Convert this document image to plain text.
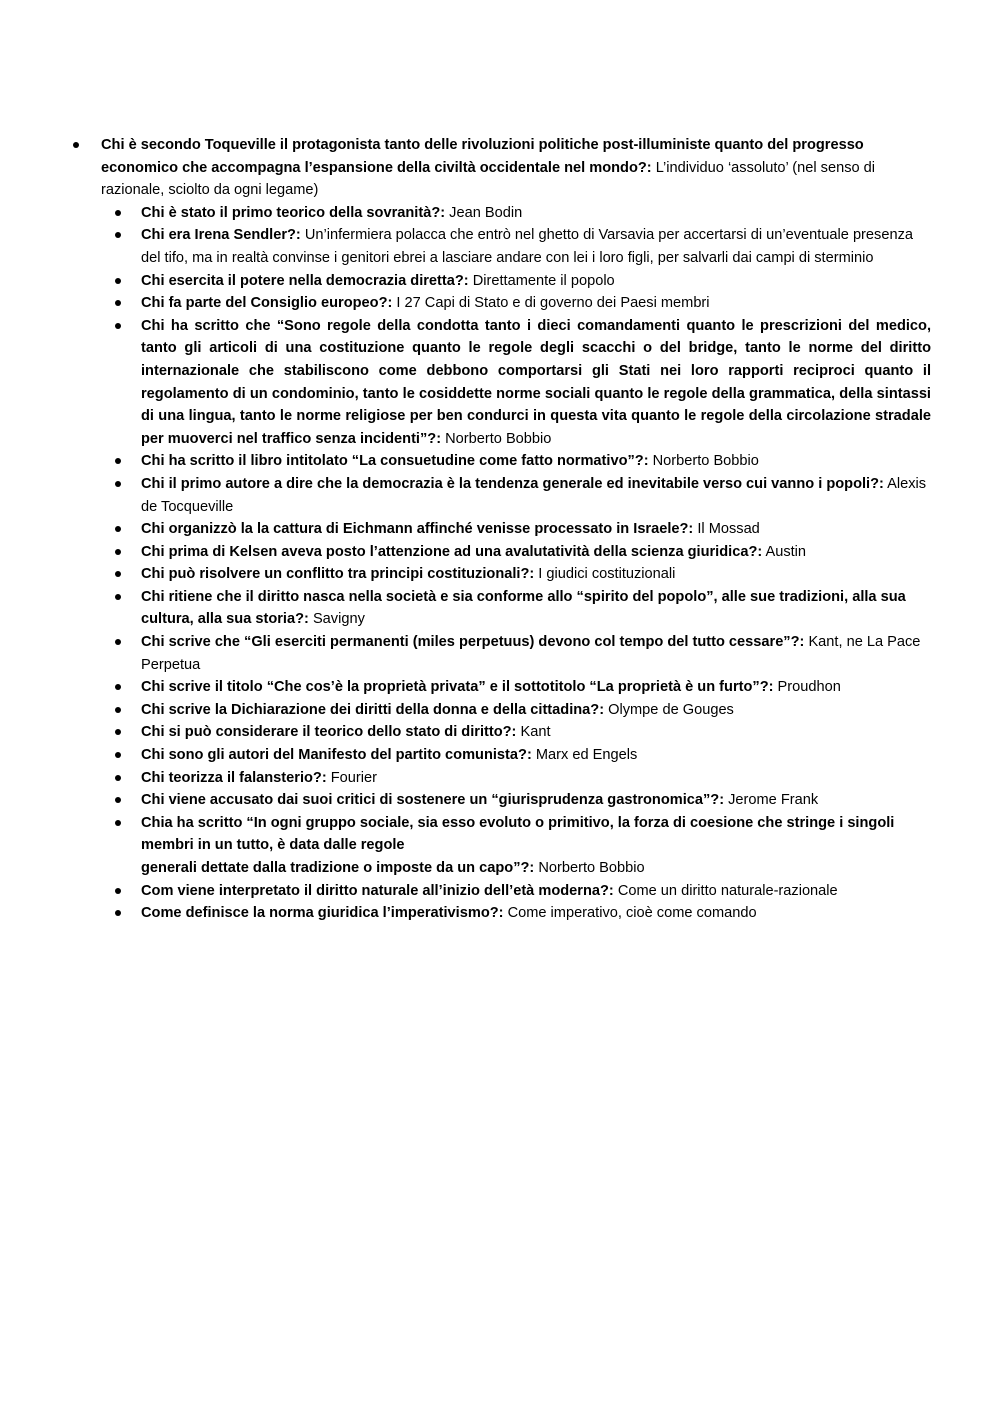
Chi è secondo Toqueville il protagonista tanto delle rivoluzioni politiche post-illuministe quanto del progresso economico che accompagna l’espansione della civiltà occidentale nel mondo?: L’individuo ‘assoluto’ (nel senso di razionale, sciolto da ogni legame)
Chi è stato il primo teorico della sovranità?: Jean Bodin
Chi era Irena Sendler?: Un’infermiera polacca che entrò nel ghetto di Varsavia per accertarsi di un’eventuale presenza del tifo, ma in realtà convinse i genitori ebrei a lasciare andare con lei i loro figli, per salvarli dai campi di sterminio
Chi esercita il potere nella democrazia diretta?: Direttamente il popolo
Chi fa parte del Consiglio europeo?: I 27 Capi di Stato e di governo dei Paesi membri
Chi ha scritto che “Sono regole della condotta tanto i dieci comandamenti quanto le prescrizioni del medico, tanto gli articoli di una costituzione quanto le regole degli scacchi o del bridge, tanto le norme del diritto internazionale che stabiliscono come debbono comportarsi gli Stati nei loro rapporti reciproci quanto il regolamento di un condominio, tanto le cosiddette norme sociali quanto le regole della grammatica, della sintassi di una lingua, tanto le norme religiose per ben condurci in questa vita quanto le regole della circolazione stradale per muoverci nel traffico senza incidenti”?: Norberto Bobbio
Chi ha scritto il libro intitolato “La consuetudine come fatto normativo”?: Norberto Bobbio
Chi il primo autore a dire che la democrazia è la tendenza generale ed inevitabile verso cui vanno i popoli?: Alexis de Tocqueville
Chi organizzò la la cattura di Eichmann affinché venisse processato in Israele?: Il Mossad
Chi prima di Kelsen aveva posto l’attenzione ad una avalutatività della scienza giuridica?: Austin
Chi può risolvere un conflitto tra principi costituzionali?: I giudici costituzionali
Chi ritiene che il diritto nasca nella società e sia conforme allo “spirito del popolo”, alle sue tradizioni, alla sua cultura, alla sua storia?: Savigny
Chi scrive che “Gli eserciti permanenti (miles perpetuus) devono col tempo del tutto cessare”?: Kant, ne La Pace Perpetua
Chi scrive il titolo “Che cos’è la proprietà privata” e il sottotitolo “La proprietà è un furto”?: Proudhon
Chi scrive la Dichiarazione dei diritti della donna e della cittadina?: Olympe de Gouges
Chi si può considerare il teorico dello stato di diritto?: Kant
Chi sono gli autori del Manifesto del partito comunista?: Marx ed Engels
Chi teorizza il falansterio?: Fourier
Chi viene accusato dai suoi critici di sostenere un “giurisprudenza gastronomica”?: Jerome Frank
Chia ha scritto “In ogni gruppo sociale, sia esso evoluto o primitivo, la forza di coesione che stringe i singoli membri in un tutto, è data dalle regole
generali dettate dalla tradizione o imposte da un capo”?: Norberto Bobbio
Com viene interpretato il diritto naturale all’inizio dell’età moderna?: Come un diritto naturale-razionale
Come definisce la norma giuridica l’imperativismo?: Come imperativo, cioè come comando
